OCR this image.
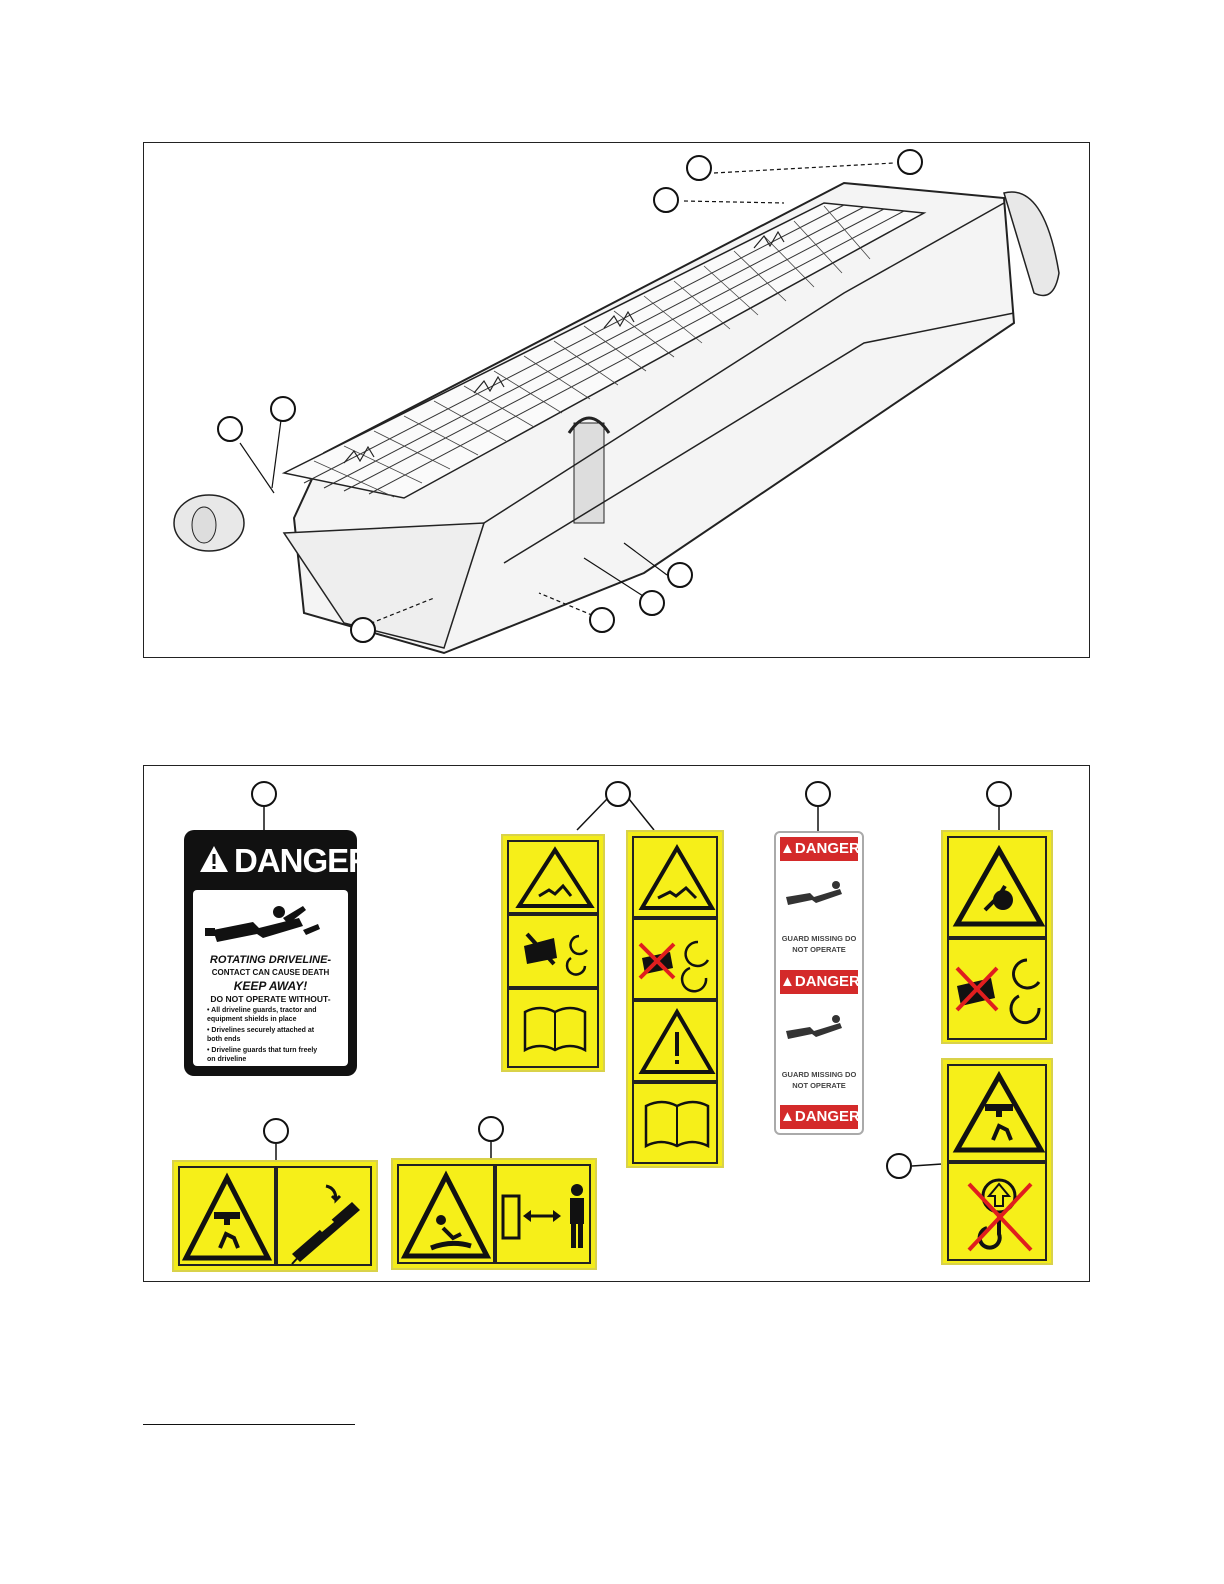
DANGER
ROTATING DRIVELINE-
CONTACT CAN CAUSE DEATH
KEEP AWAY!
DO NOT OPERATE WITHOUT-
• All driveline guards, tractor and equipment shields in place
• Drivelines securely attached at both ends
• Driveline guards that turn freely on driveline
▲DANGER
GUARD MISSING DO NOT OPERATE
▲DANGER
GUARD MISSING DO NOT OPERATE
▲DANGER
